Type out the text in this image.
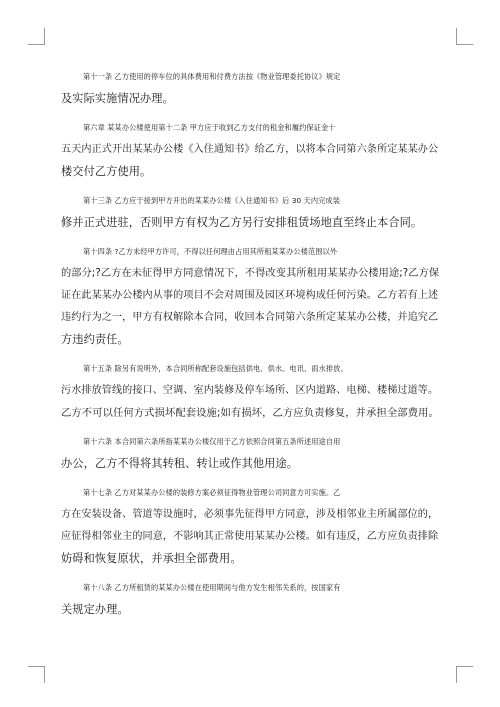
第十一条 乙方使用的停车位的具体费用和付费方法按《物业管理委托协议》规定
及实际实施情况办理。

第六章 某某办公楼使用第十二条 甲方应于收到乙方支付的租金和履约保证金十
五天内正式开出某某办公楼《入住通知书》给乙方，以将本合同第六条所定某某办公
楼交付乙方使用。

第十三条 乙方应于接到甲方开出的某某办公楼《入住通知书》后 30 天内完成装
修并正式进驻，否则甲方有权为乙方另行安排租赁场地直至终止本合同。

第十四条 ?乙方未经甲方许可，不得以任何理由占用其所租某某办公楼范围以外
的部分;?乙方在未征得甲方同意情况下，不得改变其所租用某某办公楼用途;?乙方保
证在此某某办公楼内从事的项目不会对周围及园区环境构成任何污染。乙方若有上述
违约行为之一，甲方有权解除本合同，收回本合同第六条所定某某办公楼，并追究乙
方违约责任。

第十五条 除另有说明外，本合同所称配套设施包括供电、供水、电讯、雨水排放、
污水排放管线的接口、空调、室内装修及停车场所、区内道路、电梯、楼梯过道等。
乙方不可以任何方式损坏配套设施;如有损坏，乙方应负责修复，并承担全部费用。

第十六条 本合同第六条所指某某办公楼仅用于乙方依照合同第五条所述用途自用
办公，乙方不得将其转租、转让或作其他用途。

第十七条 乙方对某某办公楼的装修方案必须征得物业管理公司同意方可实施。乙
方在安装设备、管道等设施时，必须事先征得甲方同意，涉及相邻业主所属部位的，
应征得相邻业主的同意，不影响其正常使用某某办公楼。如有违反，乙方应负责排除
妨碍和恢复原状，并承担全部费用。

第十八条 乙方所租赁的某某办公楼在使用期间与他方发生相邻关系的，按国家有
关规定办理。
